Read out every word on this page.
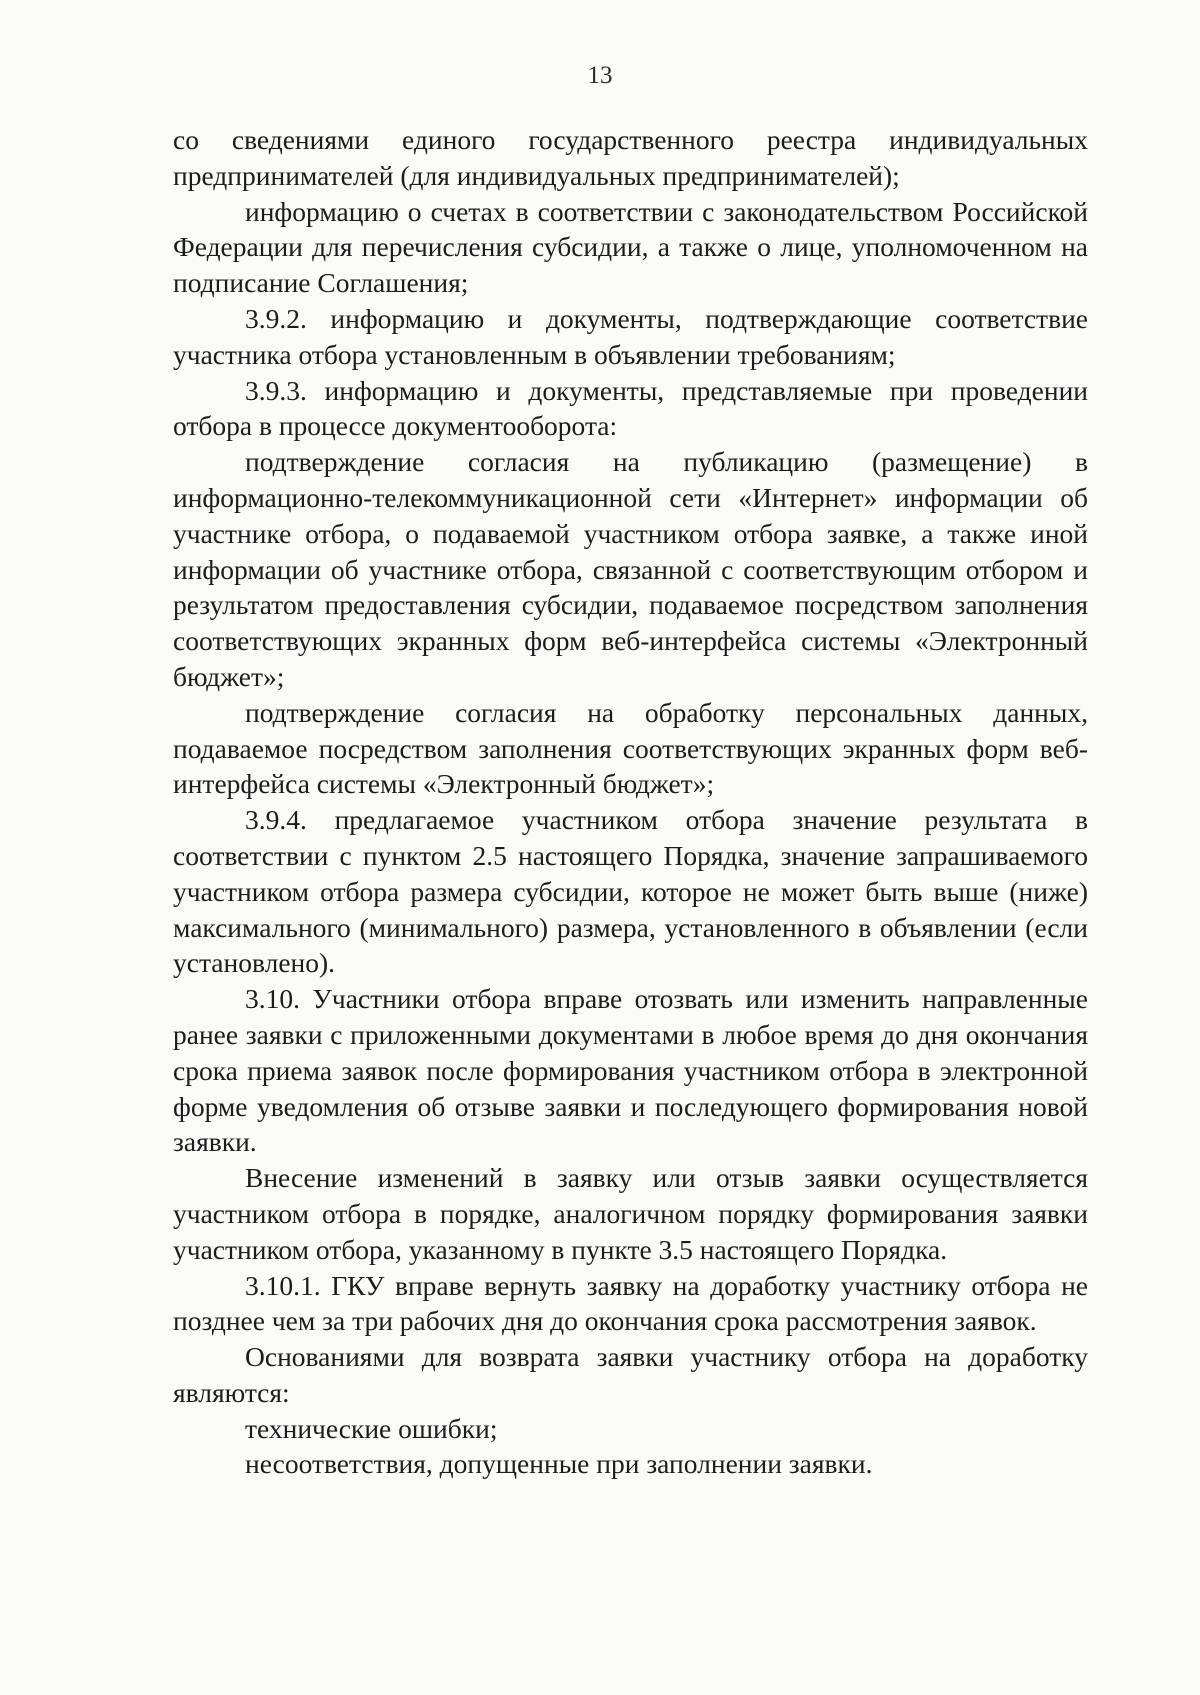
13

со сведениями единого государственного реестра индивидуальных предпринимателей (для индивидуальных предпринимателей);

информацию о счетах в соответствии с законодательством Российской Федерации для перечисления субсидии, а также о лице, уполномоченном на подписание Соглашения;

3.9.2. информацию и документы, подтверждающие соответствие участника отбора установленным в объявлении требованиям;

3.9.3. информацию и документы, представляемые при проведении отбора в процессе документооборота:

подтверждение согласия на публикацию (размещение) в информационно-телекоммуникационной сети «Интернет» информации об участнике отбора, о подаваемой участником отбора заявке, а также иной информации об участнике отбора, связанной с соответствующим отбором и результатом предоставления субсидии, подаваемое посредством заполнения соответствующих экранных форм веб-интерфейса системы «Электронный бюджет»;

подтверждение согласия на обработку персональных данных, подаваемое посредством заполнения соответствующих экранных форм веб-интерфейса системы «Электронный бюджет»;

3.9.4. предлагаемое участником отбора значение результата в соответствии с пунктом 2.5 настоящего Порядка, значение запрашиваемого участником отбора размера субсидии, которое не может быть выше (ниже) максимального (минимального) размера, установленного в объявлении (если установлено).

3.10. Участники отбора вправе отозвать или изменить направленные ранее заявки с приложенными документами в любое время до дня окончания срока приема заявок после формирования участником отбора в электронной форме уведомления об отзыве заявки и последующего формирования новой заявки.

Внесение изменений в заявку или отзыв заявки осуществляется участником отбора в порядке, аналогичном порядку формирования заявки участником отбора, указанному в пункте 3.5 настоящего Порядка.

3.10.1. ГКУ вправе вернуть заявку на доработку участнику отбора не позднее чем за три рабочих дня до окончания срока рассмотрения заявок.

Основаниями для возврата заявки участнику отбора на доработку являются:

технические ошибки;

несоответствия, допущенные при заполнении заявки.
